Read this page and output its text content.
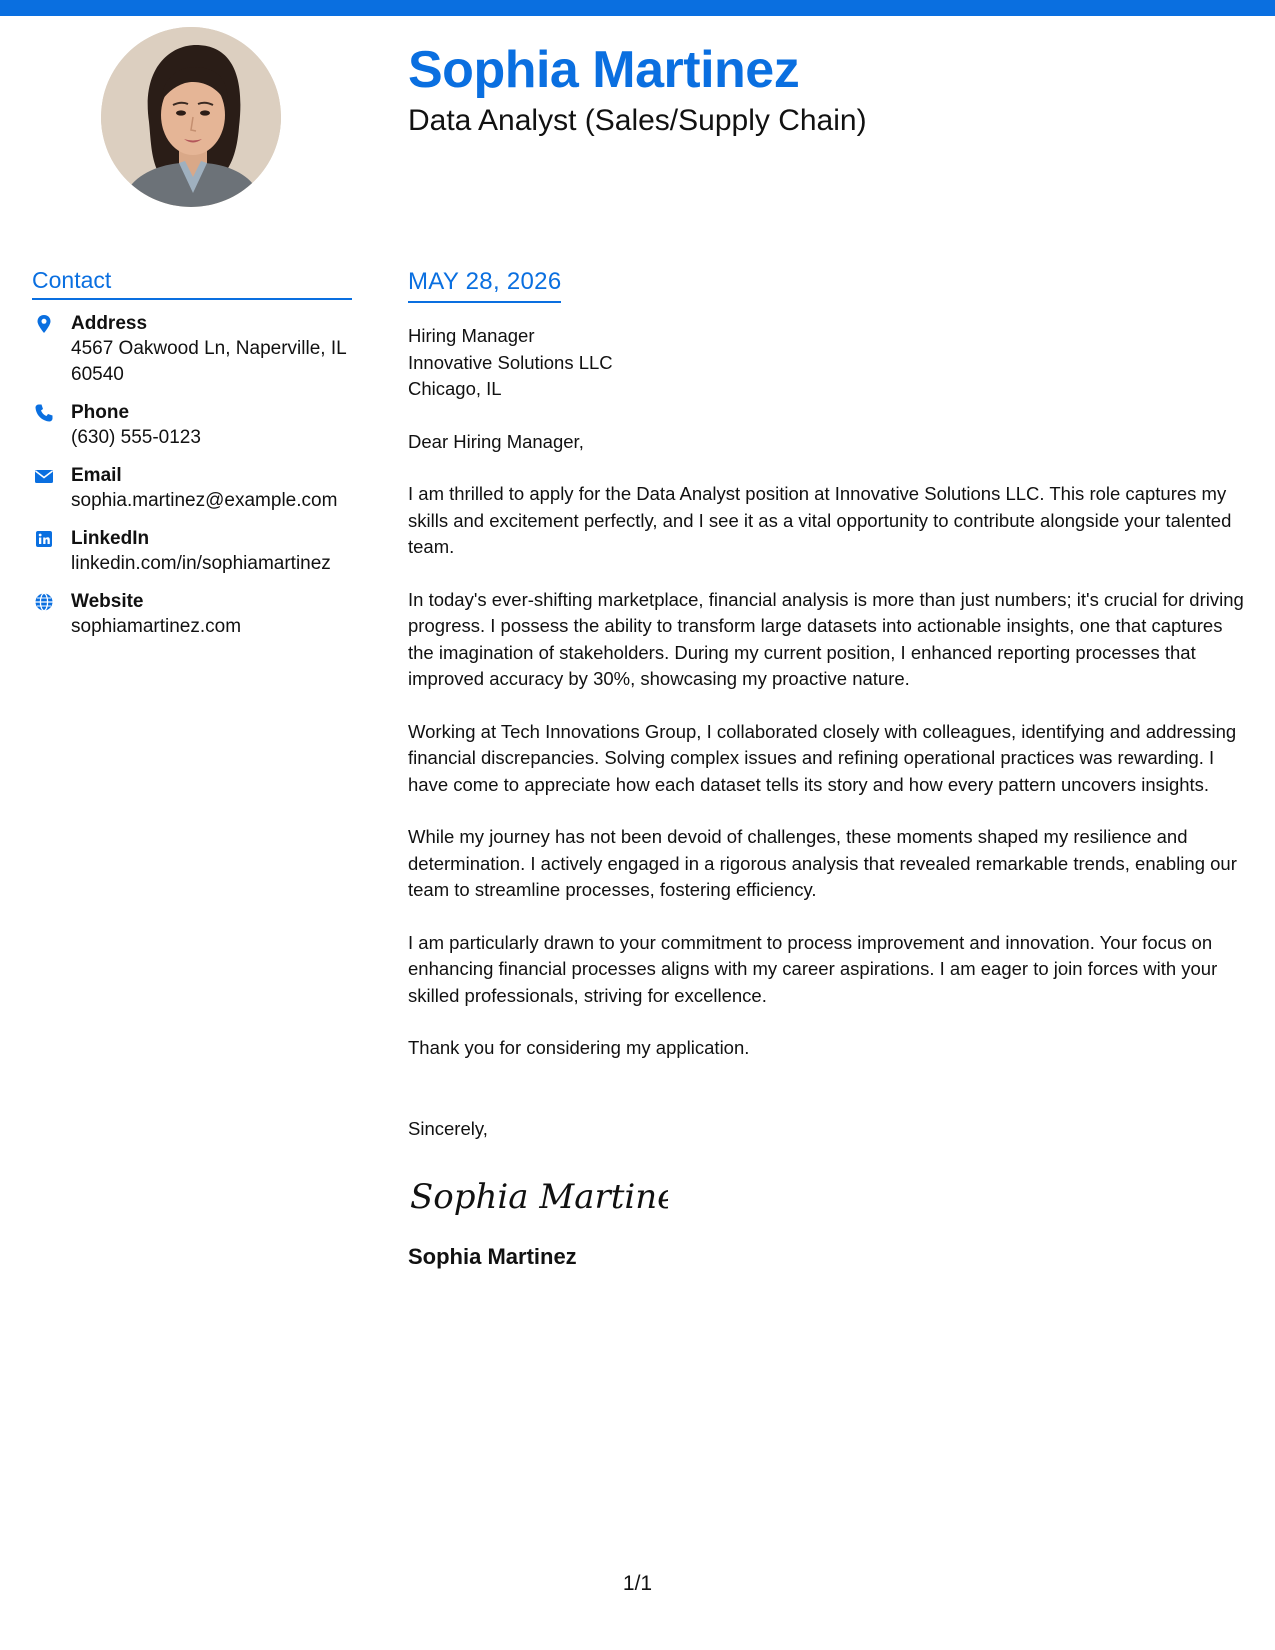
Sophia Martinez
Data Analyst (Sales/Supply Chain)
Contact
Address
4567 Oakwood Ln, Naperville, IL 60540
Phone
(630) 555-0123
Email
sophia.martinez@example.com
LinkedIn
linkedin.com/in/sophiamartinez
Website
sophiamartinez.com
MAY 28, 2026
Hiring Manager
Innovative Solutions LLC
Chicago, IL
Dear Hiring Manager,

I am thrilled to apply for the Data Analyst position at Innovative Solutions LLC. This role captures my skills and excitement perfectly, and I see it as a vital opportunity to contribute alongside your talented team.

In today's ever-shifting marketplace, financial analysis is more than just numbers; it's crucial for driving progress. I possess the ability to transform large datasets into actionable insights, one that captures the imagination of stakeholders. During my current position, I enhanced reporting processes that improved accuracy by 30%, showcasing my proactive nature.

Working at Tech Innovations Group, I collaborated closely with colleagues, identifying and addressing financial discrepancies. Solving complex issues and refining operational practices was rewarding. I have come to appreciate how each dataset tells its story and how every pattern uncovers insights.

While my journey has not been devoid of challenges, these moments shaped my resilience and determination. I actively engaged in a rigorous analysis that revealed remarkable trends, enabling our team to streamline processes, fostering efficiency.

I am particularly drawn to your commitment to process improvement and innovation. Your focus on enhancing financial processes aligns with my career aspirations. I am eager to join forces with your skilled professionals, striving for excellence.

Thank you for considering my application.

Sincerely,
Sophia Martinez
Sophia Martinez
1/1
